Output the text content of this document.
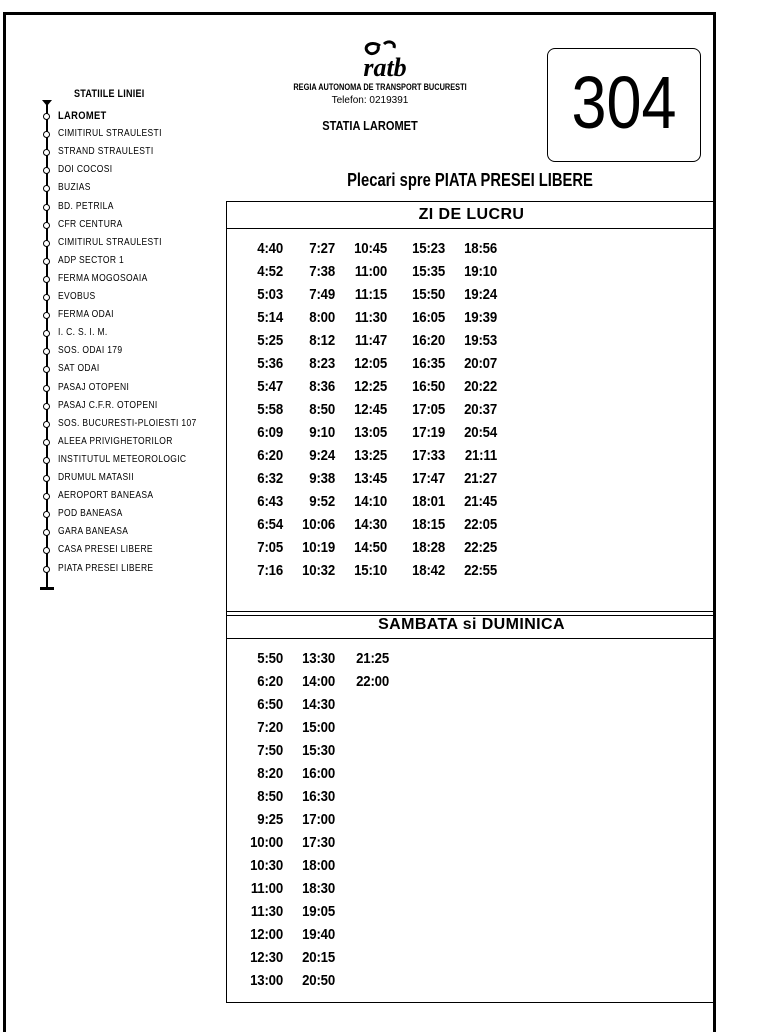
STATIILE LINIEI
LAROMET
CIMITIRUL STRAULESTI
STRAND STRAULESTI
DOI COCOSI
BUZIAS
BD. PETRILA
CFR CENTURA
CIMITIRUL STRAULESTI
ADP SECTOR 1
FERMA MOGOSOAIA
EVOBUS
FERMA ODAI
I. C. S. I. M.
SOS. ODAI 179
SAT ODAI
PASAJ OTOPENI
PASAJ C.F.R. OTOPENI
SOS. BUCURESTI-PLOIESTI 107
ALEEA PRIVIGHETORILOR
INSTITUTUL METEOROLOGIC
DRUMUL MATASII
AEROPORT BANEASA
POD BANEASA
GARA BANEASA
CASA PRESEI LIBERE
PIATA PRESEI LIBERE
ratb
REGIA AUTONOMA DE TRANSPORT BUCURESTI
Telefon: 0219391
STATIA LAROMET	304
Plecari spre PIATA PRESEI LIBERE
ZI DE LUCRU
4:40
4:52
5:03
5:14
5:25
5:36
5:47
5:58
6:09
6:20
6:32
6:43
6:54
7:05
7:16
7:27
7:38
7:49
8:00
8:12
8:23
8:36
8:50
9:10
9:24
9:38
9:52
10:06
10:19
10:32
10:45
11:00
11:15
11:30
11:47
12:05
12:25
12:45
13:05
13:25
13:45
14:10
14:30
14:50
15:10
15:23
15:35
15:50
16:05
16:20
16:35
16:50
17:05
17:19
17:33
17:47
18:01
18:15
18:28
18:42
18:56
19:10
19:24
19:39
19:53
20:07
20:22
20:37
20:54
21:11
21:27
21:45
22:05
22:25
22:55
SAMBATA si DUMINICA
5:50
6:20
6:50
7:20
7:50
8:20
8:50
9:25
10:00
10:30
11:00
11:30
12:00
12:30
13:00
13:30
14:00
14:30
15:00
15:30
16:00
16:30
17:00
17:30
18:00
18:30
19:05
19:40
20:15
20:50
21:25
22:00
